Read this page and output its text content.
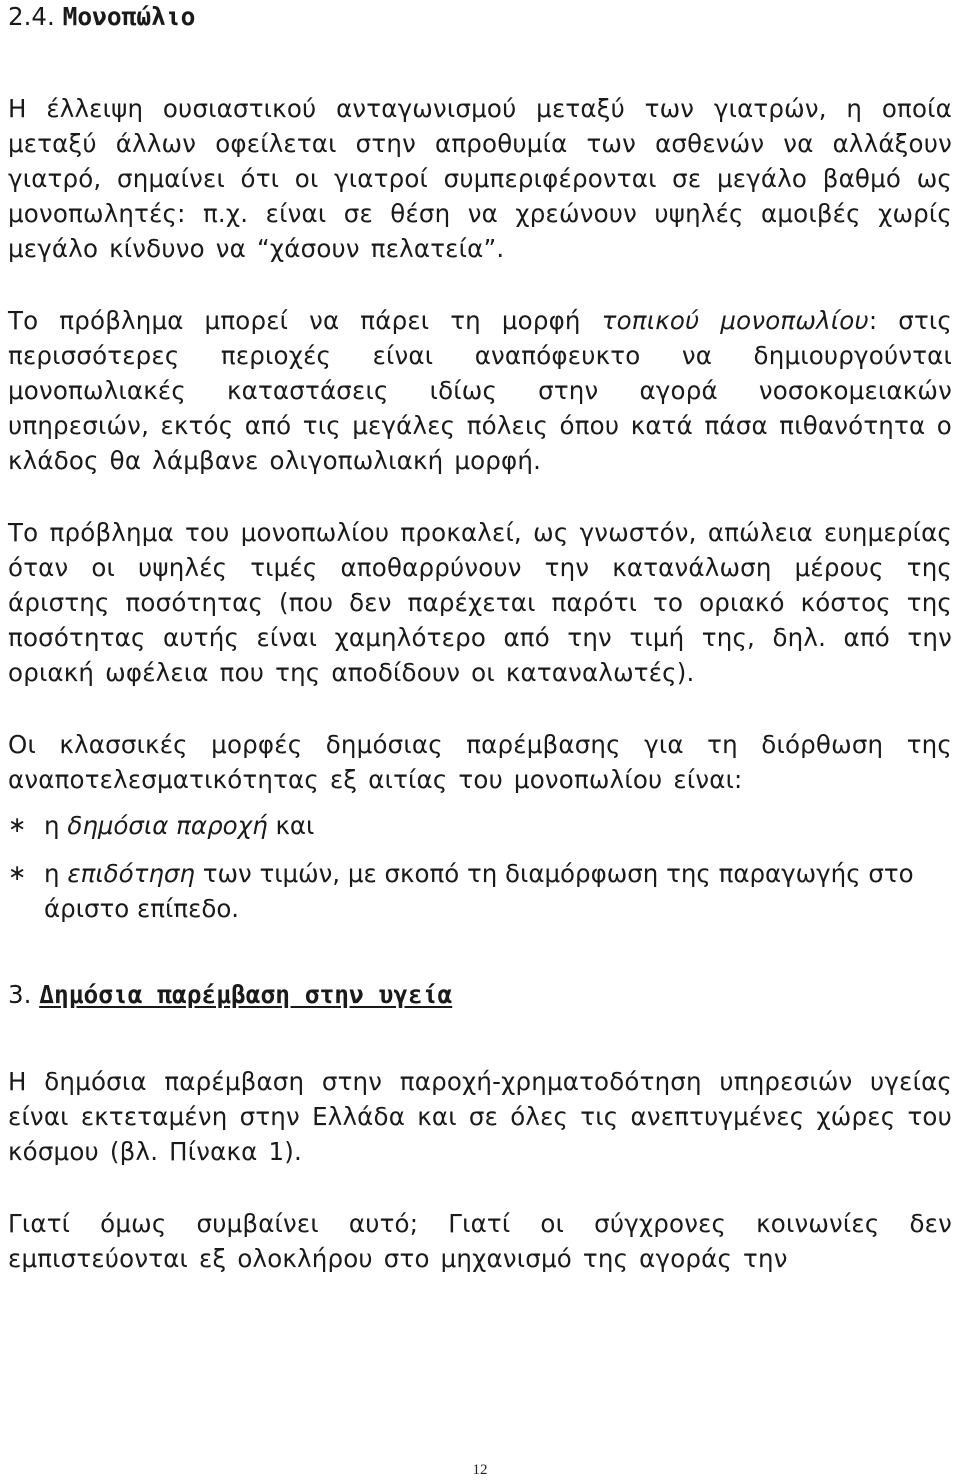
2.4. Μονοπώλιο

Η έλλειψη ουσιαστικού ανταγωνισμού μεταξύ των γιατρών, η οποία μεταξύ άλλων οφείλεται στην απροθυμία των ασθενών να αλλάξουν γιατρό, σημαίνει ότι οι γιατροί συμπεριφέρονται σε μεγάλο βαθμό ως μονοπωλητές: π.χ. είναι σε θέση να χρεώνουν υψηλές αμοιβές χωρίς μεγάλο κίνδυνο να “χάσουν πελατεία”.

Το πρόβλημα μπορεί να πάρει τη μορφή τοπικού μονοπωλίου: στις περισσότερες περιοχές είναι αναπόφευκτο να δημιουργούνται μονοπωλιακές καταστάσεις ιδίως στην αγορά νοσοκομειακών υπηρεσιών, εκτός από τις μεγάλες πόλεις όπου κατά πάσα πιθανότητα ο κλάδος θα λάμβανε ολιγοπωλιακή μορφή.

Το πρόβλημα του μονοπωλίου προκαλεί, ως γνωστόν, απώλεια ευημερίας όταν οι υψηλές τιμές αποθαρρύνουν την κατανάλωση μέρους της άριστης ποσότητας (που δεν παρέχεται παρότι το οριακό κόστος της ποσότητας αυτής είναι χαμηλότερο από την τιμή της, δηλ. από την οριακή ωφέλεια που της αποδίδουν οι καταναλωτές).

Οι κλασσικές μορφές δημόσιας παρέμβασης για τη διόρθωση της αναποτελεσματικότητας εξ αιτίας του μονοπωλίου είναι:

∗ η δημόσια παροχή και
∗ η επιδότηση των τιμών, με σκοπό τη διαμόρφωση της παραγωγής στο άριστο επίπεδο.
3. Δημόσια παρέμβαση στην υγεία

Η δημόσια παρέμβαση στην παροχή-χρηματοδότηση υπηρεσιών υγείας είναι εκτεταμένη στην Ελλάδα και σε όλες τις ανεπτυγμένες χώρες του κόσμου (βλ. Πίνακα 1).

Γιατί όμως συμβαίνει αυτό; Γιατί οι σύγχρονες κοινωνίες δεν εμπιστεύονται εξ ολοκλήρου στο μηχανισμό της αγοράς την

12
